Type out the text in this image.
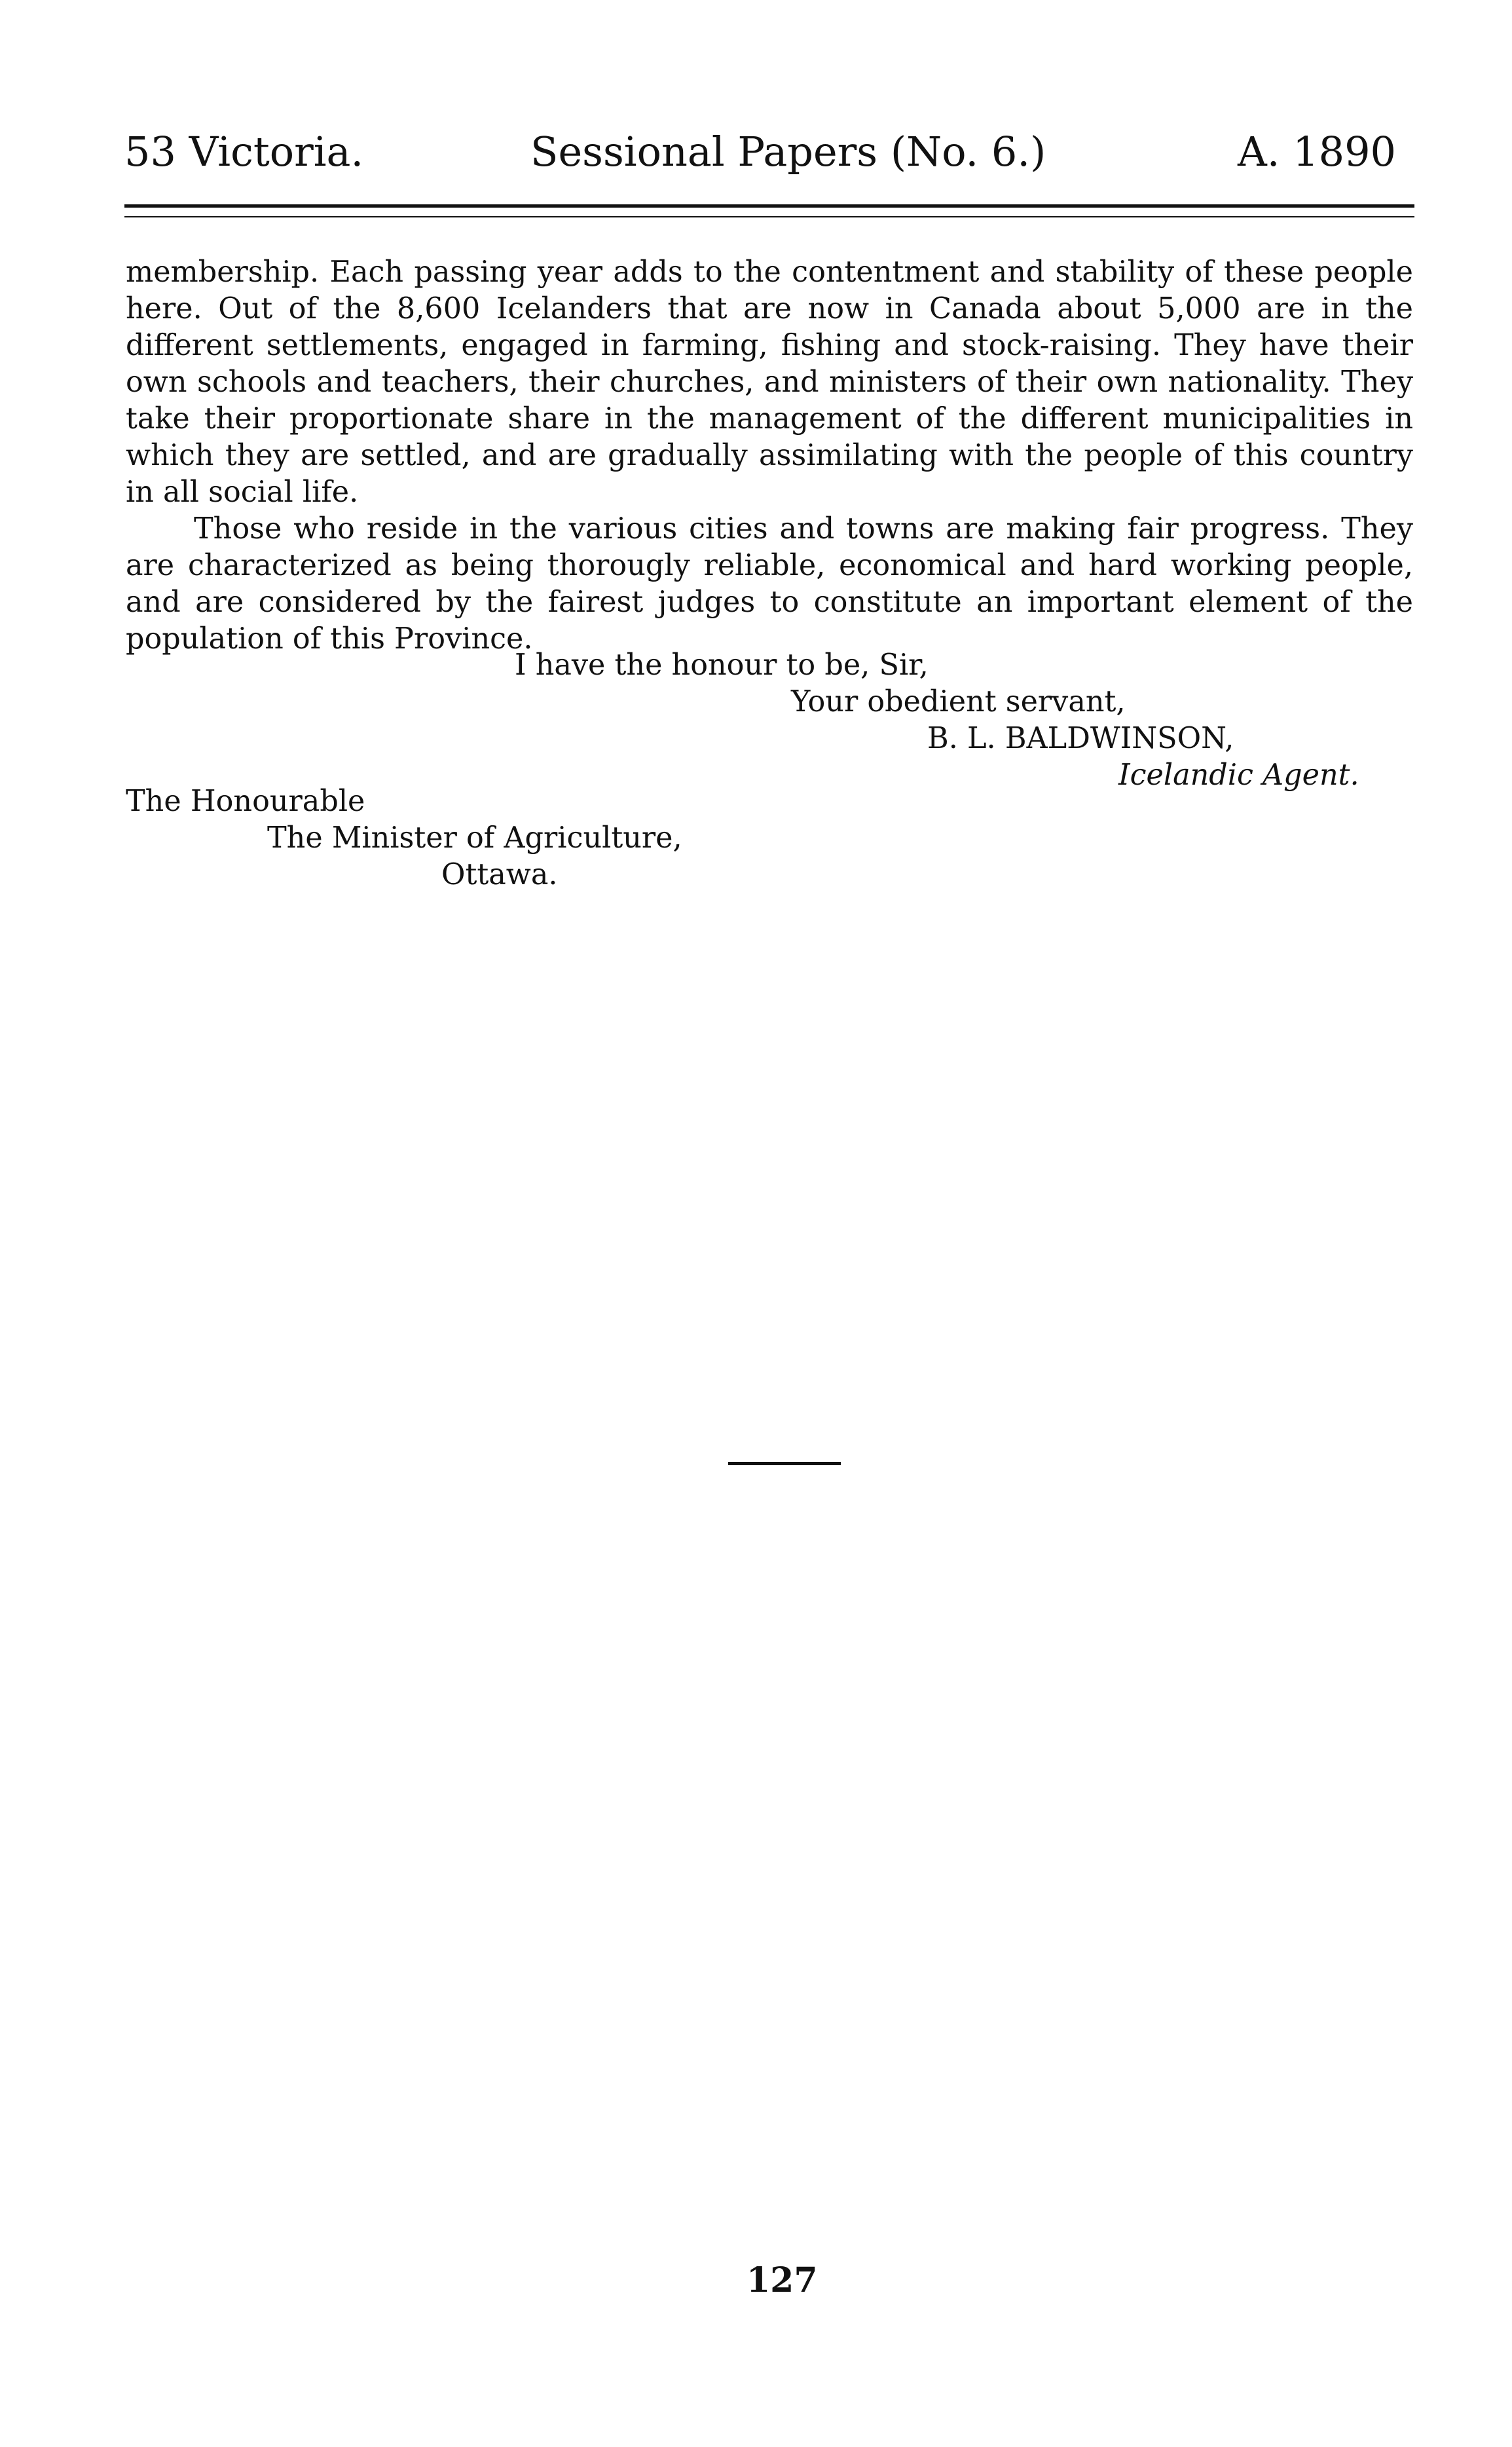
53 Victoria.	Sessional Papers (No. 6.)	A. 1890

membership. Each passing year adds to the contentment and stability of these people here. Out of the 8,600 Icelanders that are now in Canada about 5,000 are in the different settlements, engaged in farming, fishing and stock-raising. They have their own schools and teachers, their churches, and ministers of their own nationality. They take their proportionate share in the management of the different municipalities in which they are settled, and are gradually assimilating with the people of this country in all social life.

Those who reside in the various cities and towns are making fair progress. They are characterized as being thorougly reliable, economical and hard working people, and are considered by the fairest judges to constitute an important element of the population of this Province.

I have the honour to be, Sir,
Your obedient servant,
B. L. BALDWINSON,
Icelandic Agent.
The Honourable
The Minister of Agriculture,
Ottawa.
127
